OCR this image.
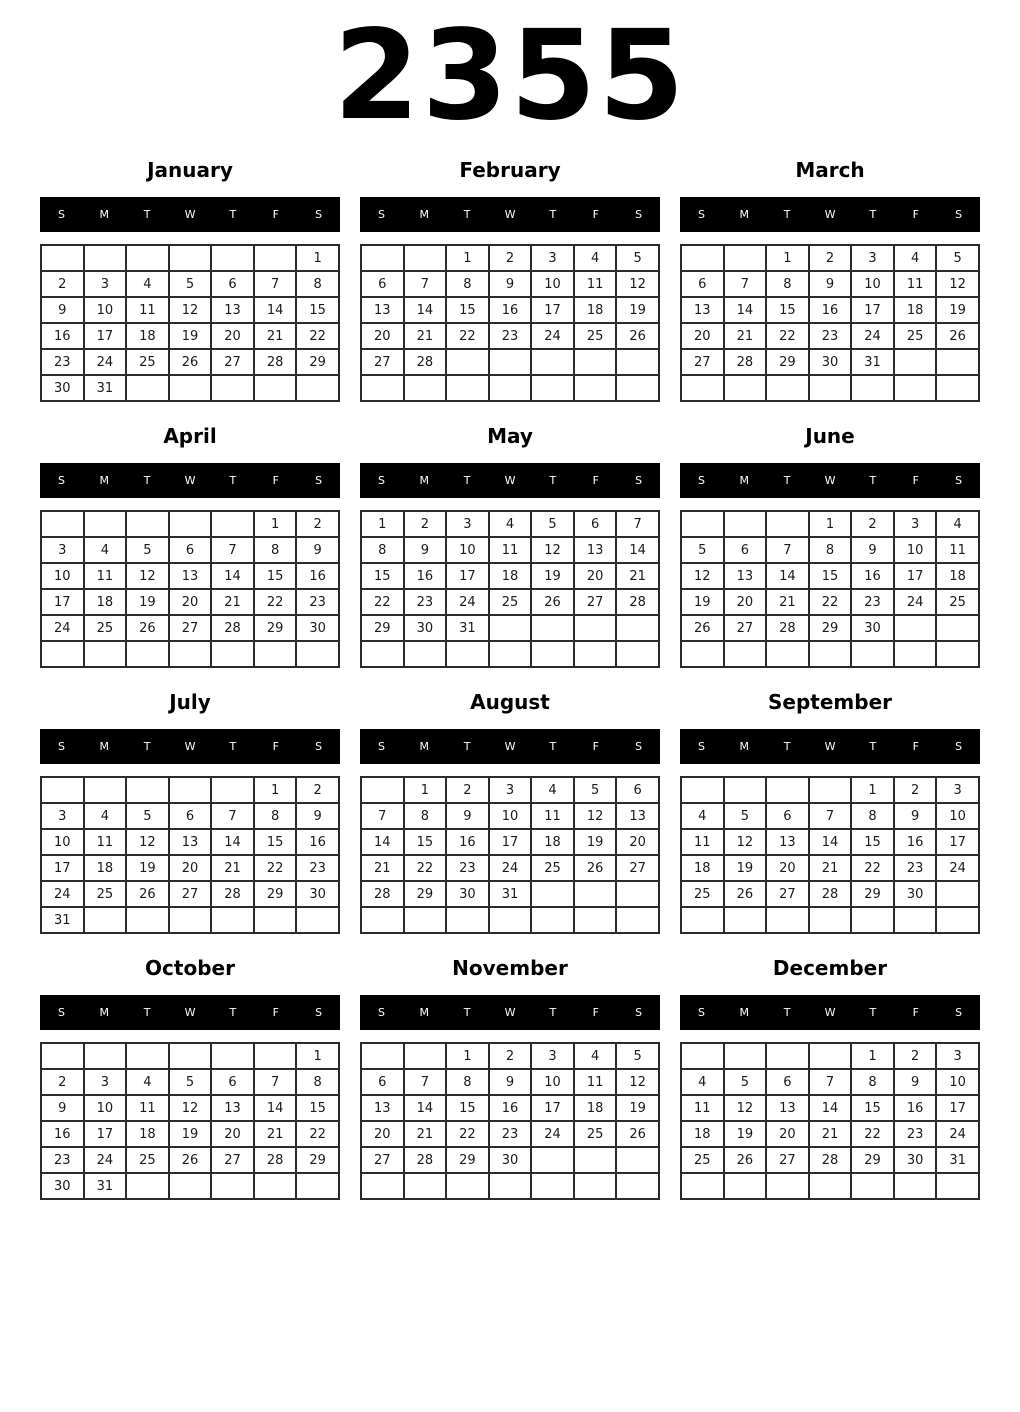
2355
January
S	M	T	W	T	F	S
						1
2	3	4	5	6	7	8
9	10	11	12	13	14	15
16	17	18	19	20	21	22
23	24	25	26	27	28	29
30	31					
February
S	M	T	W	T	F	S
		1	2	3	4	5
6	7	8	9	10	11	12
13	14	15	16	17	18	19
20	21	22	23	24	25	26
27	28					

March
S	M	T	W	T	F	S
		1	2	3	4	5
6	7	8	9	10	11	12
13	14	15	16	17	18	19
20	21	22	23	24	25	26
27	28	29	30	31		

April
S	M	T	W	T	F	S
					1	2
3	4	5	6	7	8	9
10	11	12	13	14	15	16
17	18	19	20	21	22	23
24	25	26	27	28	29	30

May
S	M	T	W	T	F	S
1	2	3	4	5	6	7
8	9	10	11	12	13	14
15	16	17	18	19	20	21
22	23	24	25	26	27	28
29	30	31				

June
S	M	T	W	T	F	S
			1	2	3	4
5	6	7	8	9	10	11
12	13	14	15	16	17	18
19	20	21	22	23	24	25
26	27	28	29	30		

July
S	M	T	W	T	F	S
					1	2
3	4	5	6	7	8	9
10	11	12	13	14	15	16
17	18	19	20	21	22	23
24	25	26	27	28	29	30
31						
August
S	M	T	W	T	F	S
	1	2	3	4	5	6
7	8	9	10	11	12	13
14	15	16	17	18	19	20
21	22	23	24	25	26	27
28	29	30	31			

September
S	M	T	W	T	F	S
				1	2	3
4	5	6	7	8	9	10
11	12	13	14	15	16	17
18	19	20	21	22	23	24
25	26	27	28	29	30	

October
S	M	T	W	T	F	S
						1
2	3	4	5	6	7	8
9	10	11	12	13	14	15
16	17	18	19	20	21	22
23	24	25	26	27	28	29
30	31					
November
S	M	T	W	T	F	S
		1	2	3	4	5
6	7	8	9	10	11	12
13	14	15	16	17	18	19
20	21	22	23	24	25	26
27	28	29	30			

December
S	M	T	W	T	F	S
				1	2	3
4	5	6	7	8	9	10
11	12	13	14	15	16	17
18	19	20	21	22	23	24
25	26	27	28	29	30	31
